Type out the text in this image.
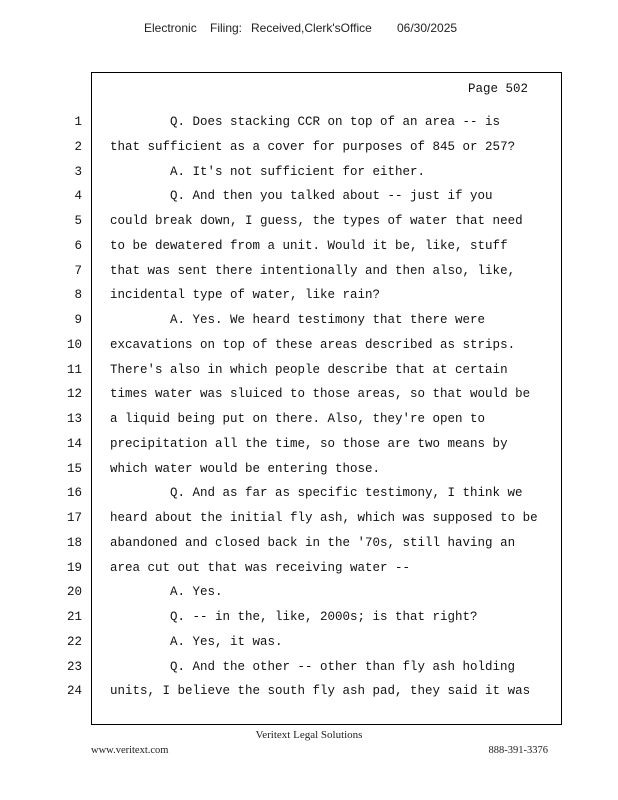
Electronic Filing: Received,Clerk'sOffice 06/30/2025
Page 502
1	Q. Does stacking CCR on top of an area -- is
2 that sufficient as a cover for purposes of 845 or 257?
3	A. It's not sufficient for either.
4	Q. And then you talked about -- just if you
5 could break down, I guess, the types of water that need
6 to be dewatered from a unit. Would it be, like, stuff
7 that was sent there intentionally and then also, like,
8 incidental type of water, like rain?
9	A. Yes. We heard testimony that there were
10 excavations on top of these areas described as strips.
11 There's also in which people describe that at certain
12 times water was sluiced to those areas, so that would be
13 a liquid being put on there. Also, they're open to
14 precipitation all the time, so those are two means by
15 which water would be entering those.
16	Q. And as far as specific testimony, I think we
17 heard about the initial fly ash, which was supposed to be
18 abandoned and closed back in the '70s, still having an
19 area cut out that was receiving water --
20	A. Yes.
21	Q. -- in the, like, 2000s; is that right?
22	A. Yes, it was.
23	Q. And the other -- other than fly ash holding
24 units, I believe the south fly ash pad, they said it was
Veritext Legal Solutions
www.veritext.com	888-391-3376
